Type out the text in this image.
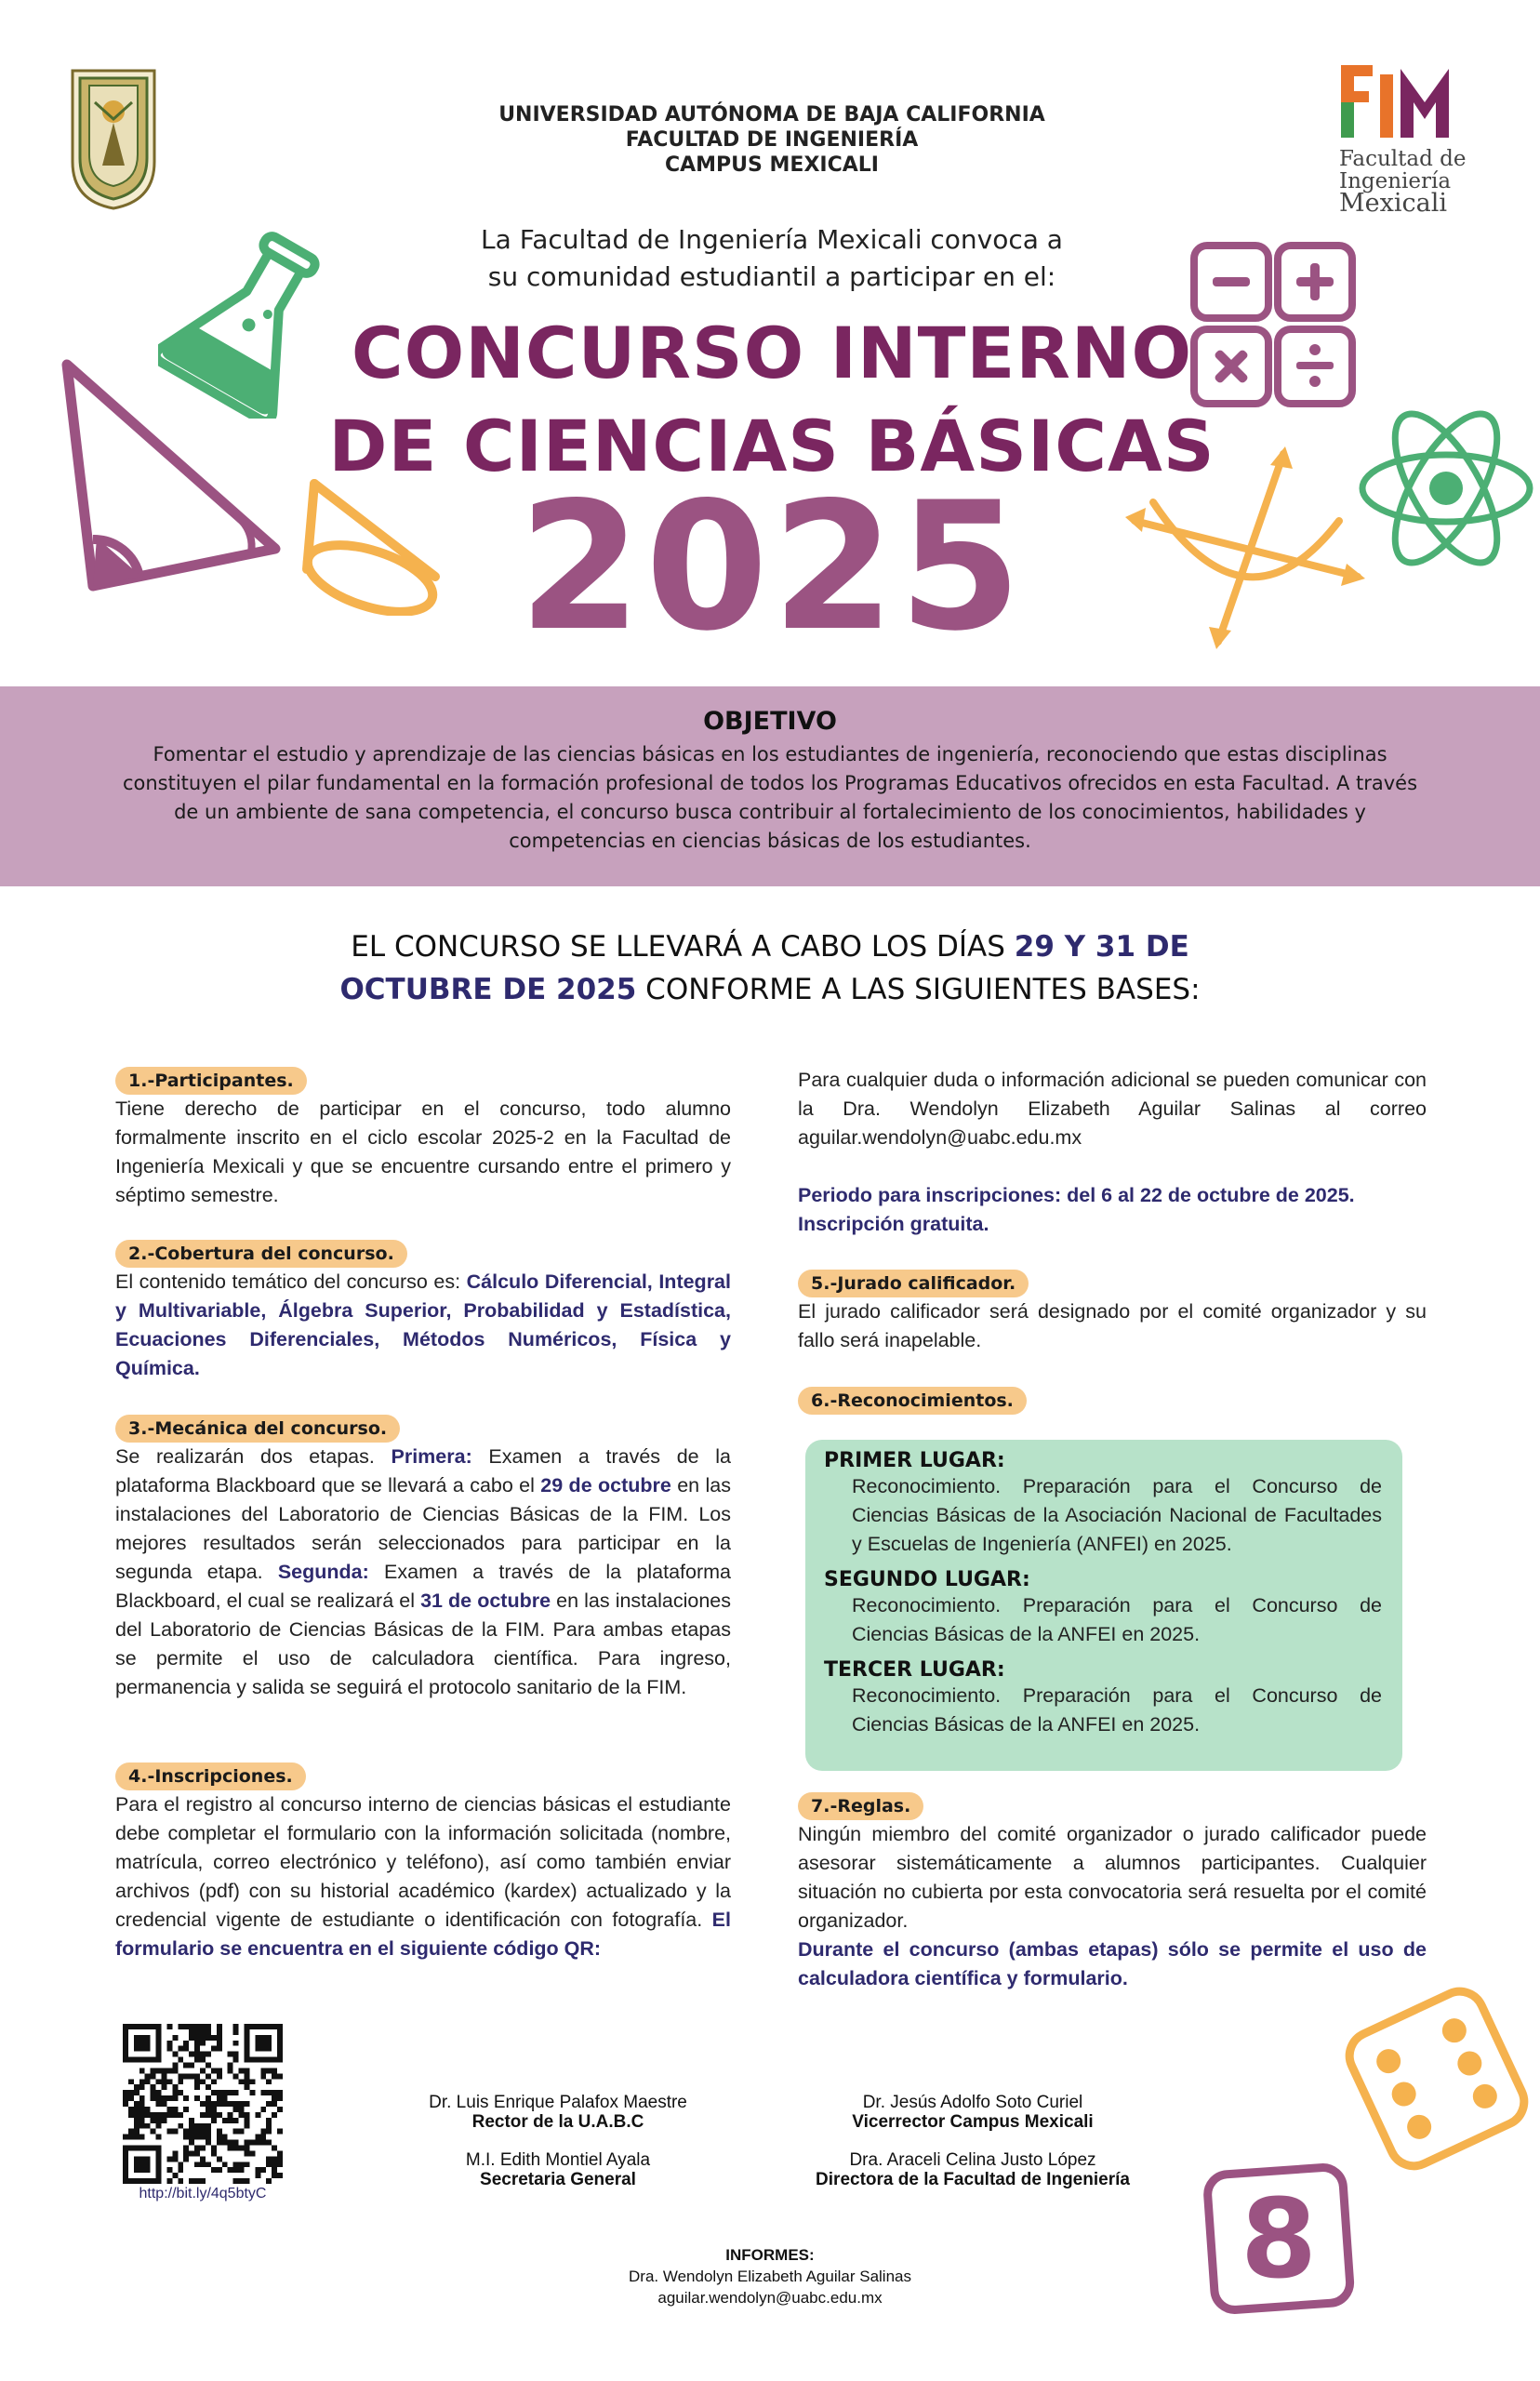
UNIVERSIDAD AUTÓNOMA DE BAJA CALIFORNIA
FACULTAD DE INGENIERÍA
CAMPUS MEXICALI	Facultad de
Ingeniería
Mexicali
La Facultad de Ingeniería Mexicali convoca a
su comunidad estudiantil a participar en el:
CONCURSO INTERNO
DE CIENCIAS BÁSICAS
2025
OBJETIVO
Fomentar el estudio y aprendizaje de las ciencias básicas en los estudiantes de ingeniería, reconociendo que estas disciplinas constituyen el pilar fundamental en la formación profesional de todos los Programas Educativos ofrecidos en esta Facultad. A través de un ambiente de sana competencia, el concurso busca contribuir al fortalecimiento de los conocimientos, habilidades y competencias en ciencias básicas de los estudiantes.
EL CONCURSO SE LLEVARÁ A CABO LOS DÍAS 29 Y 31 DE
OCTUBRE DE 2025 CONFORME A LAS SIGUIENTES BASES:
1.-Participantes.

Tiene derecho de participar en el concurso, todo alumno formalmente inscrito en el ciclo escolar 2025-2 en la Facultad de Ingeniería Mexicali y que se encuentre cursando entre el primero y séptimo semestre.

2.-Cobertura del concurso.

El contenido temático del concurso es: Cálculo Diferencial, Integral y Multivariable, Álgebra Superior, Probabilidad y Estadística, Ecuaciones Diferenciales, Métodos Numéricos, Física y Química.

3.-Mecánica del concurso.

Se realizarán dos etapas. Primera: Examen a través de la plataforma Blackboard que se llevará a cabo el 29 de octubre en las instalaciones del Laboratorio de Ciencias Básicas de la FIM. Los mejores resultados serán seleccionados para participar en la segunda etapa. Segunda: Examen a través de la plataforma Blackboard, el cual se realizará el 31 de octubre en las instalaciones del Laboratorio de Ciencias Básicas de la FIM. Para ambas etapas se permite el uso de calculadora científica. Para ingreso, permanencia y salida se seguirá el protocolo sanitario de la FIM.

4.-Inscripciones.

Para el registro al concurso interno de ciencias básicas el estudiante debe completar el formulario con la información solicitada (nombre, matrícula, correo electrónico y teléfono), así como también enviar archivos (pdf) con su historial académico (kardex) actualizado y la credencial vigente de estudiante o identificación con fotografía. El formulario se encuentra en el siguiente código QR:

http://bit.ly/4q5btyC

Para cualquier duda o información adicional se pueden comunicar con la Dra. Wendolyn Elizabeth Aguilar Salinas al correo aguilar.wendolyn@uabc.edu.mx

Periodo para inscripciones: del 6 al 22 de octubre de 2025.

Inscripción gratuita.

5.-Jurado calificador.

El jurado calificador será designado por el comité organizador y su fallo será inapelable.

6.-Reconocimientos.
PRIMER LUGAR:
Reconocimiento. Preparación para el Concurso de Ciencias Básicas de la Asociación Nacional de Facultades y Escuelas de Ingeniería (ANFEI) en 2025.
SEGUNDO LUGAR:
Reconocimiento. Preparación para el Concurso de Ciencias Básicas de la ANFEI en 2025.
TERCER LUGAR:
Reconocimiento. Preparación para el Concurso de Ciencias Básicas de la ANFEI en 2025.
7.-Reglas.

Ningún miembro del comité organizador o jurado calificador puede asesorar sistemáticamente a alumnos participantes. Cualquier situación no cubierta por esta convocatoria será resuelta por el comité organizador.

Durante el concurso (ambas etapas) sólo se permite el uso de calculadora científica y formulario.

Dr. Luis Enrique Palafox Maestre
Rector de la U.A.B.C
M.I. Edith Montiel Ayala
Secretaria General
Dr. Jesús Adolfo Soto Curiel
Vicerrector Campus Mexicali
Dra. Araceli Celina Justo López
Directora de la Facultad de Ingeniería	8
INFORMES:
Dra. Wendolyn Elizabeth Aguilar Salinas
aguilar.wendolyn@uabc.edu.mx
